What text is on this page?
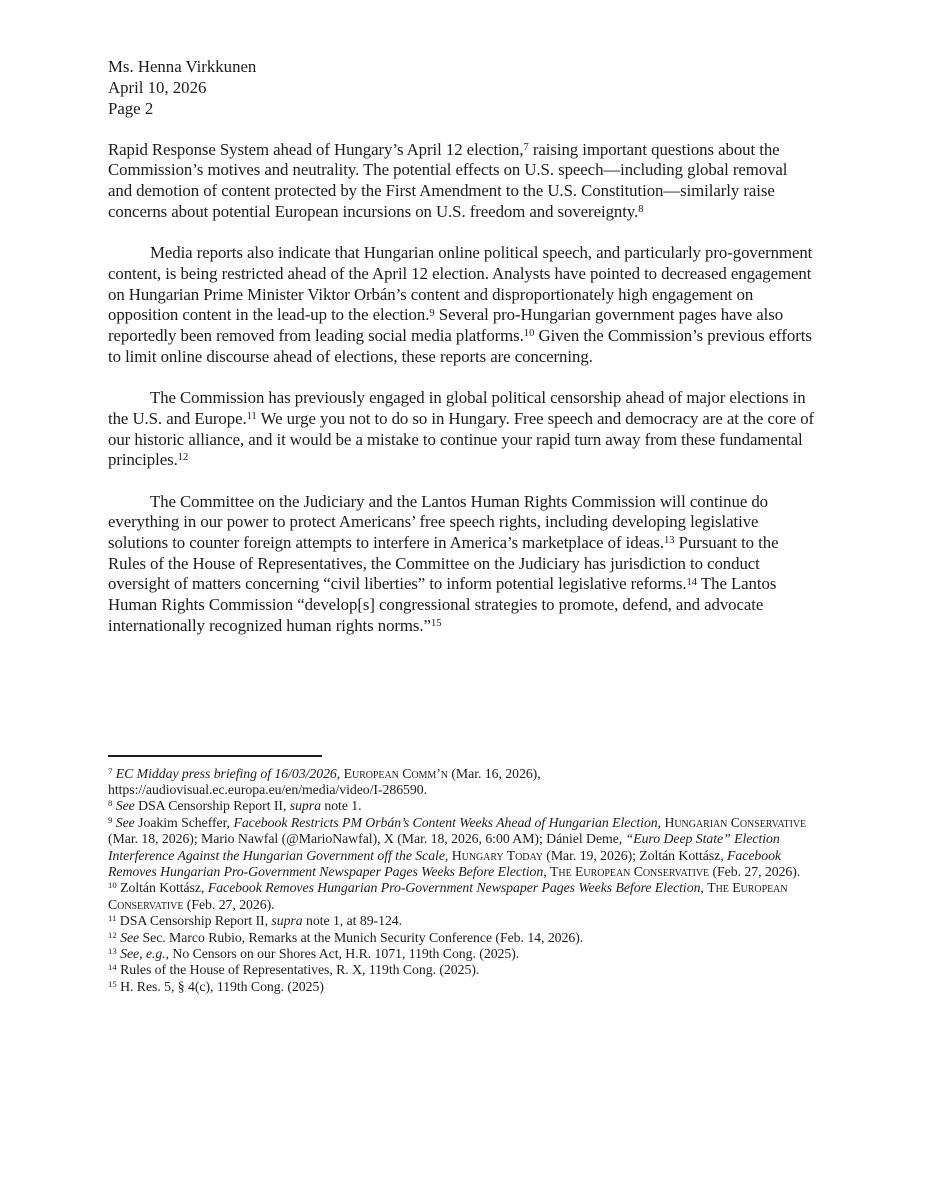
Ms. Henna Virkkunen
April 10, 2026
Page 2

Rapid Response System ahead of Hungary’s April 12 election,$^7$ raising important questions about the Commission’s motives and neutrality. The potential effects on U.S. speech—including global removal and demotion of content protected by the First Amendment to the U.S. Constitution—similarly raise concerns about potential European incursions on U.S. freedom and sovereignty.$^8$

Media reports also indicate that Hungarian online political speech, and particularly pro-government content, is being restricted ahead of the April 12 election. Analysts have pointed to decreased engagement on Hungarian Prime Minister Viktor Orbán’s content and disproportionately high engagement on opposition content in the lead-up to the election.$^9$ Several pro-Hungarian government pages have also reportedly been removed from leading social media platforms.$^{10}$ Given the Commission’s previous efforts to limit online discourse ahead of elections, these reports are concerning.

The Commission has previously engaged in global political censorship ahead of major elections in the U.S. and Europe.$^{11}$ We urge you not to do so in Hungary. Free speech and democracy are at the core of our historic alliance, and it would be a mistake to continue your rapid turn away from these fundamental principles.$^{12}$

The Committee on the Judiciary and the Lantos Human Rights Commission will continue do everything in our power to protect Americans’ free speech rights, including developing legislative solutions to counter foreign attempts to interfere in America’s marketplace of ideas.$^{13}$ Pursuant to the Rules of the House of Representatives, the Committee on the Judiciary has jurisdiction to conduct oversight of matters concerning “civil liberties” to inform potential legislative reforms.$^{14}$ The Lantos Human Rights Commission “develop[s] congressional strategies to promote, defend, and advocate internationally recognized human rights norms.”$^{15}$

$^7$ EC Midday press briefing of 16/03/2026, European Comm’n (Mar. 16, 2026), https://audiovisual.ec.europa.eu/en/media/video/I-286590.
$^8$ See DSA Censorship Report II, supra note 1.
$^9$ See Joakim Scheffer, Facebook Restricts PM Orbán’s Content Weeks Ahead of Hungarian Election, Hungarian Conservative (Mar. 18, 2026); Mario Nawfal (@MarioNawfal), X (Mar. 18, 2026, 6:00 AM); Dániel Deme, “Euro Deep State” Election Interference Against the Hungarian Government off the Scale, Hungary Today (Mar. 19, 2026); Zoltán Kottász, Facebook Removes Hungarian Pro-Government Newspaper Pages Weeks Before Election, The European Conservative (Feb. 27, 2026).
$^{10}$ Zoltán Kottász, Facebook Removes Hungarian Pro-Government Newspaper Pages Weeks Before Election, The European Conservative (Feb. 27, 2026).
$^{11}$ DSA Censorship Report II, supra note 1, at 89-124.
$^{12}$ See Sec. Marco Rubio, Remarks at the Munich Security Conference (Feb. 14, 2026).
$^{13}$ See, e.g., No Censors on our Shores Act, H.R. 1071, 119th Cong. (2025).
$^{14}$ Rules of the House of Representatives, R. X, 119th Cong. (2025).
$^{15}$ H. Res. 5, § 4(c), 119th Cong. (2025)
